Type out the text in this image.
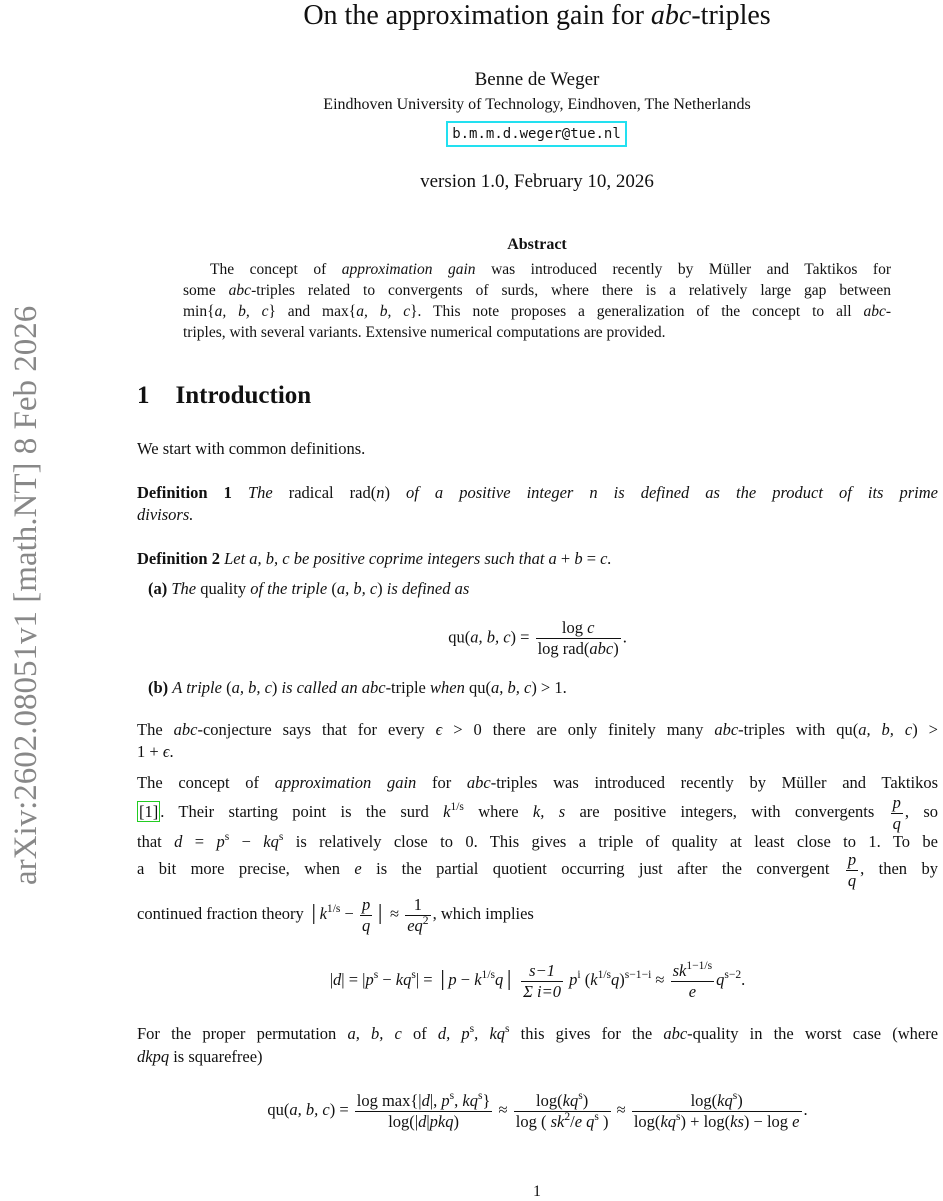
arXiv:2602.08051v1 [math.NT] 8 Feb 2026
On the approximation gain for abc-triples
Benne de Weger
Eindhoven University of Technology, Eindhoven, The Netherlands
b.m.m.d.weger@tue.nl
version 1.0, February 10, 2026
Abstract
The concept of approximation gain was introduced recently by Müller and Taktikos for
some abc-triples related to convergents of surds, where there is a relatively large gap between
min{a, b, c} and max{a, b, c}. This note proposes a generalization of the concept to all abc-
triples, with several variants. Extensive numerical computations are provided.
1 Introduction
We start with common definitions.
Definition 1 The radical rad(n) of a positive integer n is defined as the product of its prime
divisors.
Definition 2 Let a, b, c be positive coprime integers such that a + b = c.
(a) The quality of the triple (a, b, c) is defined as
qu(a, b, $c) = \frac{\text{log c}}{\text{log rad(abc)}}$ .
(b) A triple (a, b, c) is called an abc-triple when qu(a, b, c) > 1.
The abc-conjecture says that for every ϵ > 0 there are only finitely many abc-triples with qu(a, b, c) >
1 + ϵ.
The concept of approximation gain for abc-triples was introduced recently by Müller and Taktikos
[1] . Their starting point is the surd $k^{1/s}$ where k, s are positive integers, with convergents $\frac{p}{q}$ , so
that $d = p^s - kq^s$ is relatively close to 0. This gives a triple of quality at least close to 1. To be
a bit more precise, when e is the partial quotient occurring just after the convergent $\frac{p}{q}$ , then by
continued fraction theory $│k^{1/s} - \frac{p}{q}$ │ ≈ $\frac{1}{eq^2}$ , which implies
$|d| = |p^s - kq^s|$ = │p − $k^{1/s}q│ \frac{s-1}{\text{Σ i=0}} p^i$ $(k^{1/s}q)^{s-1-i} \approx \frac{sk^{1-1/s}}{e} q^{s-2}$.
For the proper permutation a, b, c of d, $p^s$, $kq^s$ this gives for the abc-quality in the worst case (where
dkpq is squarefree)
qu(a, b, $c) = \frac{\log \max\{|d|, p^s, kq^s\}}{\text{log(|d|pkq)}} \approx \frac{\log(kq^s)}{\log ( sk^2/e q^s )} \approx \frac{\log(kq^s)}{\log(kq^s) + \log(ks) - \log e}$ .
1
